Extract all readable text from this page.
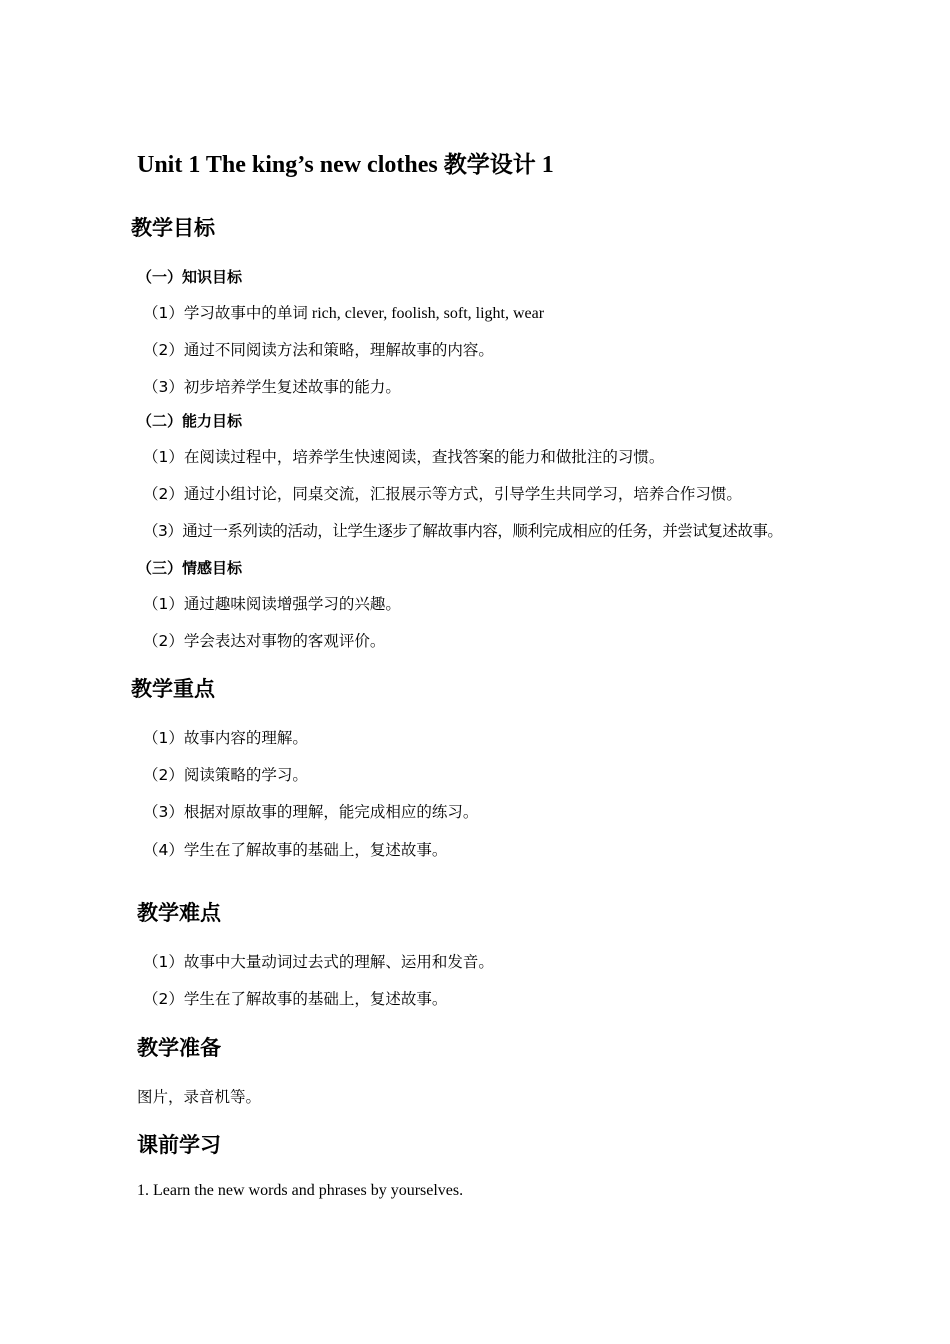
Unit 1 The king’s new clothes 教学设计 1
教学目标
（一）知识目标
（1）学习故事中的单词 rich, clever, foolish, soft, light, wear
（2）通过不同阅读方法和策略，理解故事的内容。
（3）初步培养学生复述故事的能力。
（二）能力目标
（1）在阅读过程中，培养学生快速阅读，查找答案的能力和做批注的习惯。
（2）通过小组讨论，同桌交流，汇报展示等方式，引导学生共同学习，培养合作习惯。
（3）通过一系列读的活动，让学生逐步了解故事内容，顺利完成相应的任务，并尝试复述故事。
（三）情感目标
（1）通过趣味阅读增强学习的兴趣。
（2）学会表达对事物的客观评价。
教学重点
（1）故事内容的理解。
（2）阅读策略的学习。
（3）根据对原故事的理解，能完成相应的练习。
（4）学生在了解故事的基础上，复述故事。
教学难点
（1）故事中大量动词过去式的理解、运用和发音。
（2）学生在了解故事的基础上，复述故事。
教学准备
图片，录音机等。
课前学习
1. Learn the new words and phrases by yourselves.
